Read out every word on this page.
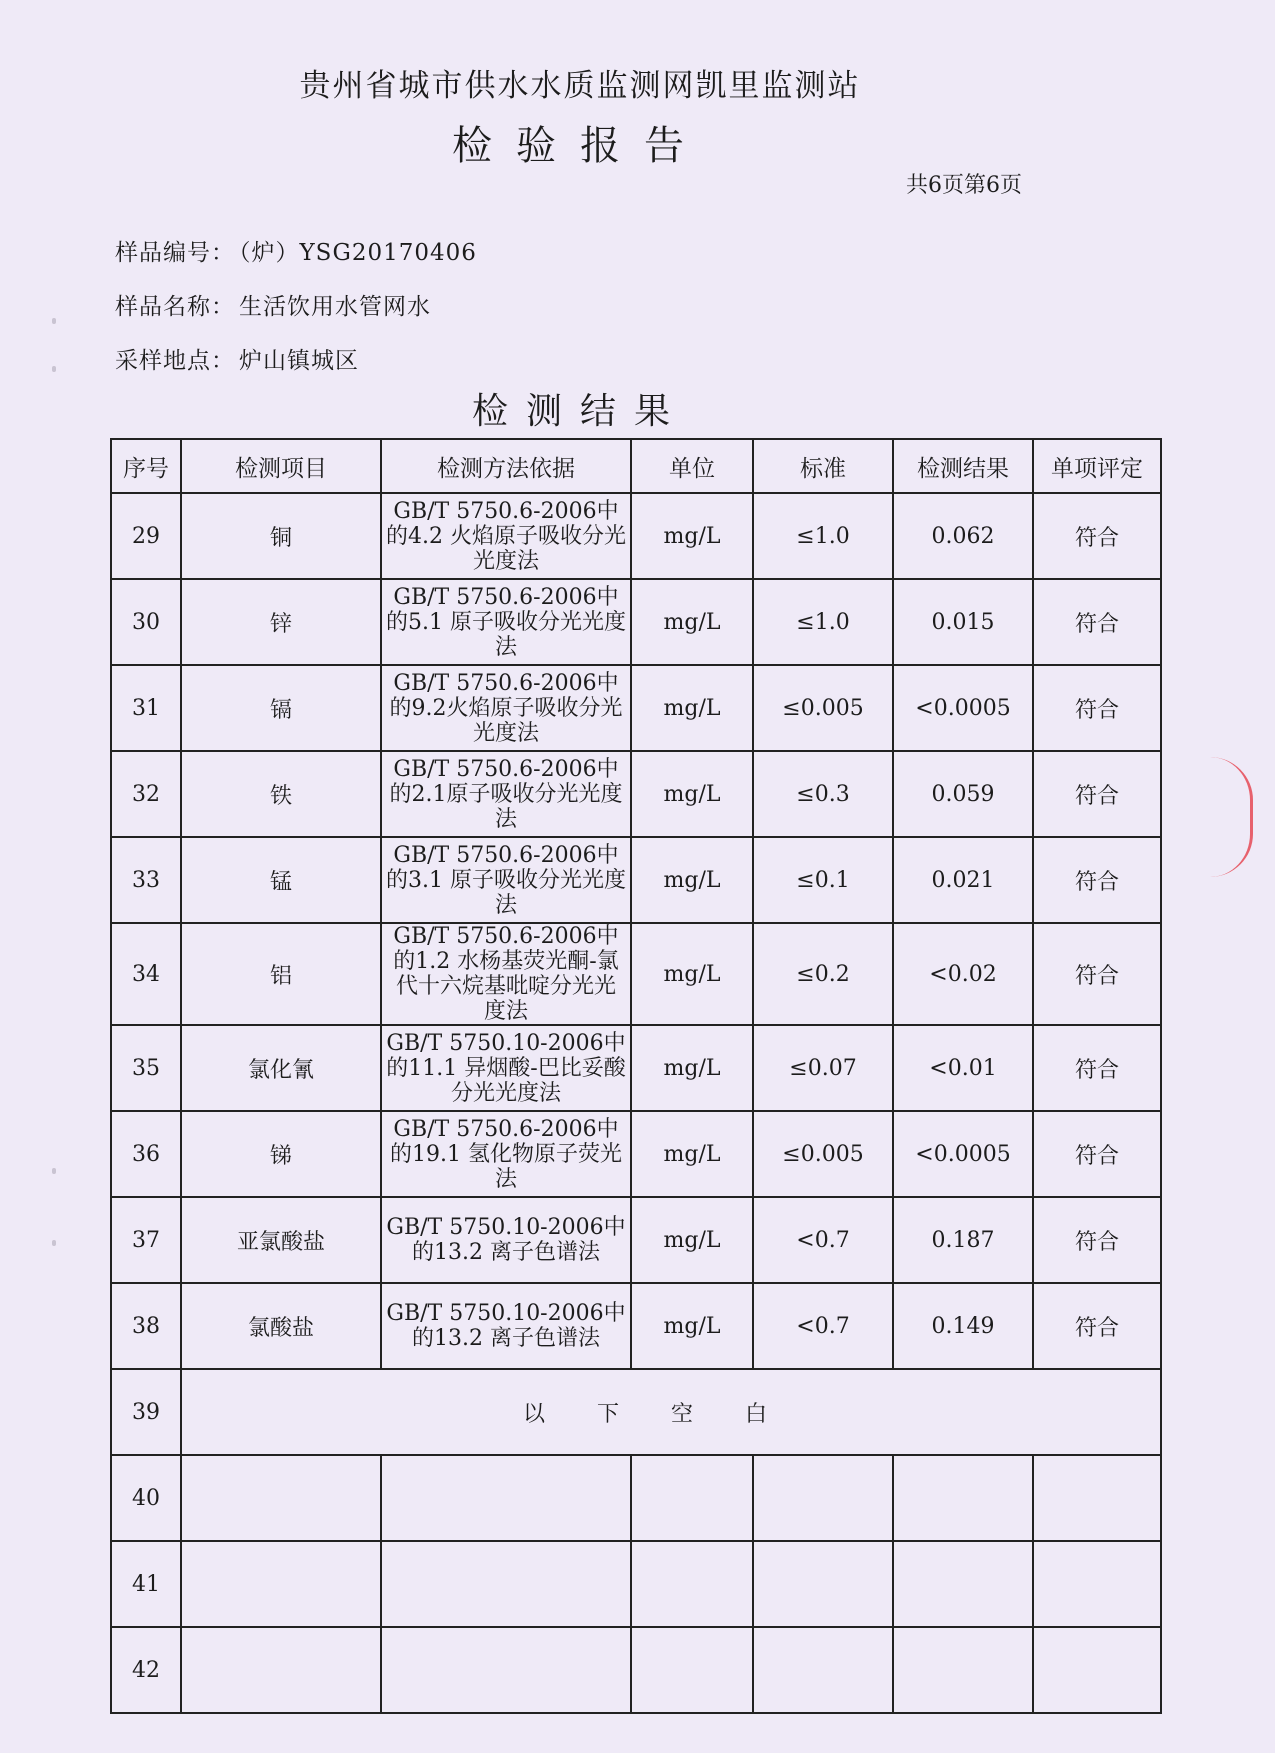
贵州省城市供水水质监测网凯里监测站
检验报告
共6页第6页
样品编号： （炉）YSG20170406
样品名称： 生活饮用水管网水
采样地点： 炉山镇城区
检测结果
序号	检测项目	检测方法依据	单位	标准	检测结果	单项评定
29	铜	GB/T 5750.6-2006中的4.2 火焰原子吸收分光光度法	mg/L	≤1.0	0.062	符合
30	锌	GB/T 5750.6-2006中的5.1 原子吸收分光光度法	mg/L	≤1.0	0.015	符合
31	镉	GB/T 5750.6-2006中的9.2火焰原子吸收分光光度法	mg/L	≤0.005	<0.0005	符合
32	铁	GB/T 5750.6-2006中的2.1原子吸收分光光度法	mg/L	≤0.3	0.059	符合
33	锰	GB/T 5750.6-2006中的3.1 原子吸收分光光度法	mg/L	≤0.1	0.021	符合
34	铝	GB/T 5750.6-2006中的1.2 水杨基荧光酮-氯代十六烷基吡啶分光光度法	mg/L	≤0.2	<0.02	符合
35	氯化氰	GB/T 5750.10-2006中的11.1 异烟酸-巴比妥酸分光光度法	mg/L	≤0.07	<0.01	符合
36	锑	GB/T 5750.6-2006中的19.1 氢化物原子荧光法	mg/L	≤0.005	<0.0005	符合
37	亚氯酸盐	GB/T 5750.10-2006中的13.2 离子色谱法	mg/L	<0.7	0.187	符合
38	氯酸盐	GB/T 5750.10-2006中的13.2 离子色谱法	mg/L	<0.7	0.149	符合
39	以下空白					
40						
41						
42						
